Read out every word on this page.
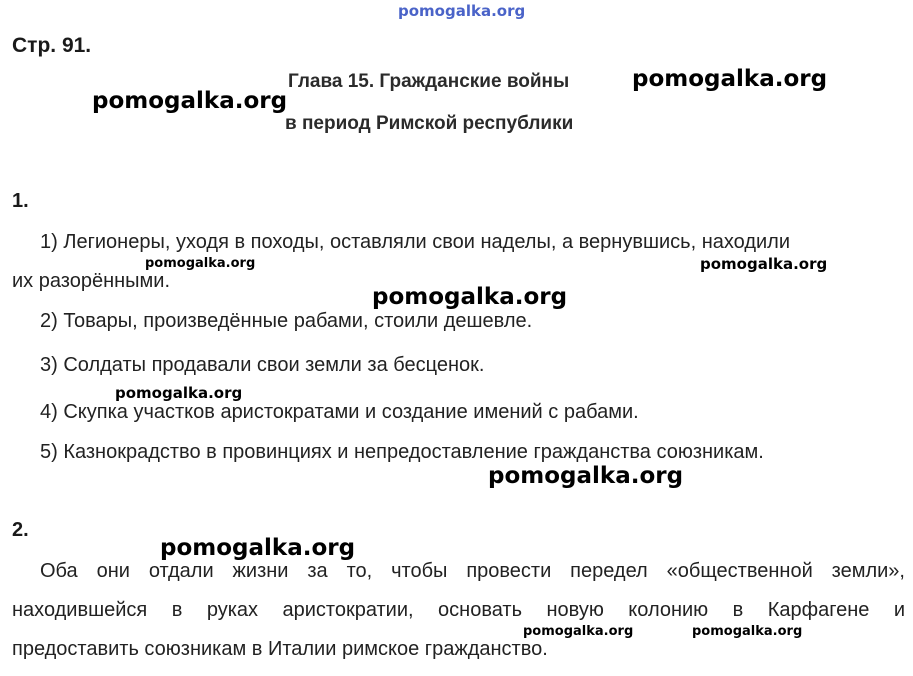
pomogalka.org
Стр. 91.
Глава 15. Гражданские войны
в период Римской республики
pomogalka.org
pomogalka.org
1.
1) Легионеры, уходя в походы, оставляли свои наделы, а вернувшись, находили
их разорёнными.
pomogalka.org	pomogalka.org
pomogalka.org
2) Товары, произведённые рабами, стоили дешевле.
3) Солдаты продавали свои земли за бесценок.
pomogalka.org
4) Скупка участков аристократами и создание имений с рабами.
5) Казнокрадство в провинциях и непредоставление гражданства союзникам.
pomogalka.org
2.
pomogalka.org
Оба они отдали жизни за то, чтобы провести передел «общественной земли»,
находившейся в руках аристократии, основать новую колонию в Карфагене и
pomogalka.org	pomogalka.org
предоставить союзникам в Италии римское гражданство.
